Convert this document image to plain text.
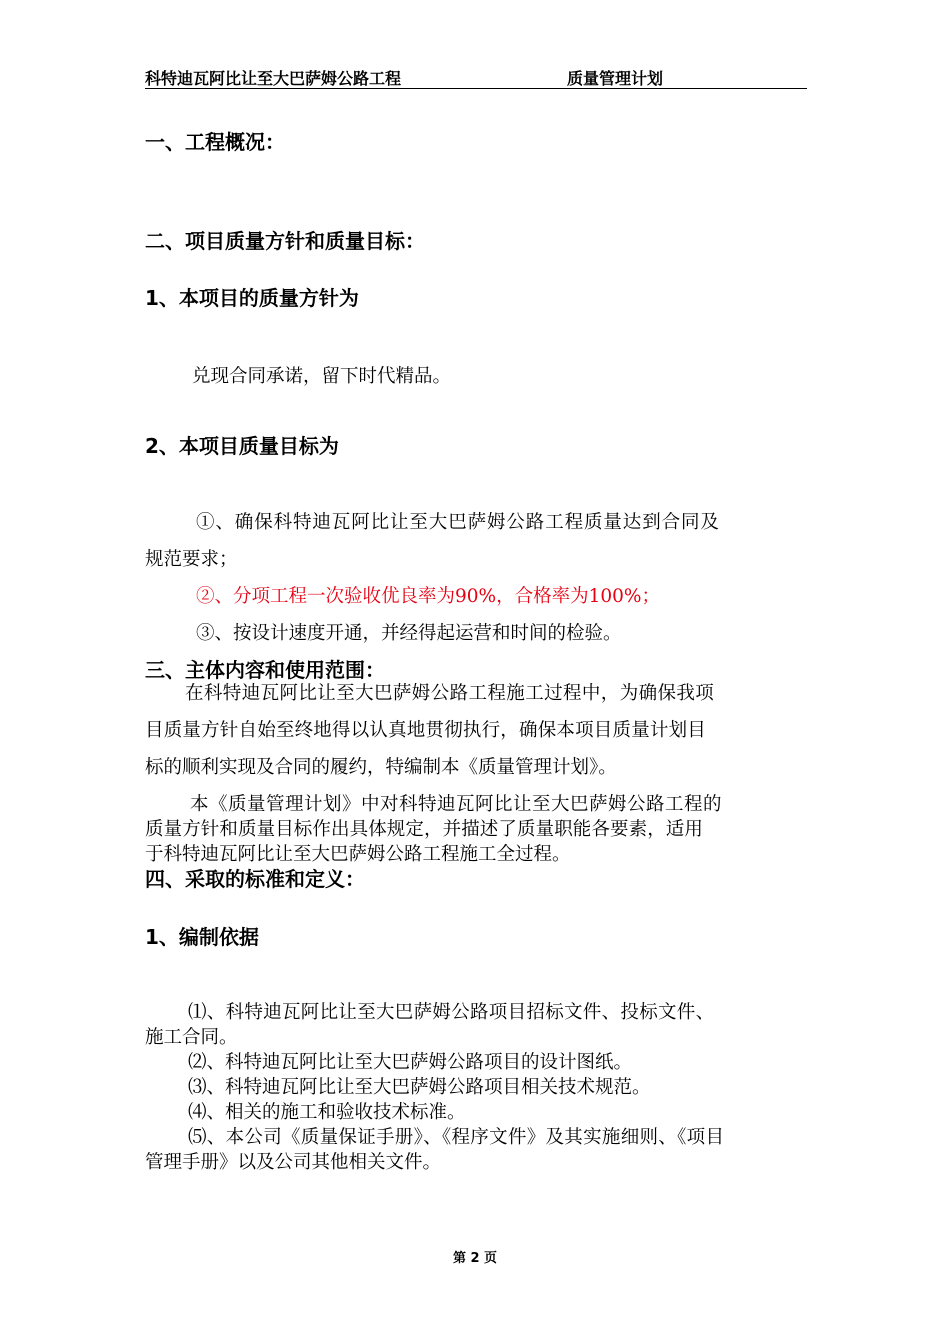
科特迪瓦阿比让至大巴萨姆公路工程	质量管理计划
一、工程概况：
二、项目质量方针和质量目标：
1、本项目的质量方针为
兑现合同承诺，留下时代精品。
2、本项目质量目标为
①、确保科特迪瓦阿比让至大巴萨姆公路工程质量达到合同及
规范要求；
②、分项工程一次验收优良率为90%，合格率为100%；
③、按设计速度开通，并经得起运营和时间的检验。
三、主体内容和使用范围：
在科特迪瓦阿比让至大巴萨姆公路工程施工过程中，为确保我项
目质量方针自始至终地得以认真地贯彻执行，确保本项目质量计划目
标的顺利实现及合同的履约，特编制本《质量管理计划》。
本《质量管理计划》中对科特迪瓦阿比让至大巴萨姆公路工程的
质量方针和质量目标作出具体规定，并描述了质量职能各要素，适用
于科特迪瓦阿比让至大巴萨姆公路工程施工全过程。
四、采取的标准和定义：
1、编制依据
⑴、科特迪瓦阿比让至大巴萨姆公路项目招标文件、投标文件、
施工合同。
⑵、科特迪瓦阿比让至大巴萨姆公路项目的设计图纸。
⑶、科特迪瓦阿比让至大巴萨姆公路项目相关技术规范。
⑷、相关的施工和验收技术标准。
⑸、本公司《质量保证手册》、《程序文件》及其实施细则、《项目
管理手册》以及公司其他相关文件。
第 2 页
